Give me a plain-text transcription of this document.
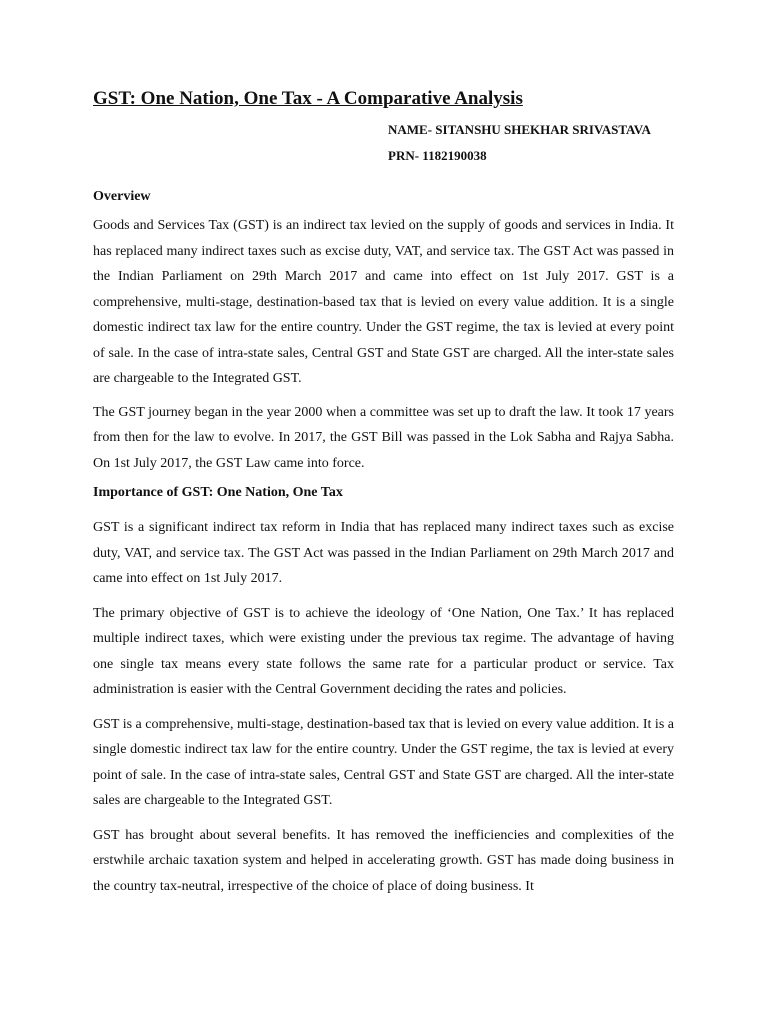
GST: One Nation, One Tax - A Comparative Analysis
NAME- SITANSHU SHEKHAR SRIVASTAVA
PRN- 1182190038
Overview

Goods and Services Tax (GST) is an indirect tax levied on the supply of goods and services in India. It has replaced many indirect taxes such as excise duty, VAT, and service tax. The GST Act was passed in the Indian Parliament on 29th March 2017 and came into effect on 1st July 2017. GST is a comprehensive, multi-stage, destination-based tax that is levied on every value addition. It is a single domestic indirect tax law for the entire country. Under the GST regime, the tax is levied at every point of sale. In the case of intra-state sales, Central GST and State GST are charged. All the inter-state sales are chargeable to the Integrated GST.

The GST journey began in the year 2000 when a committee was set up to draft the law. It took 17 years from then for the law to evolve. In 2017, the GST Bill was passed in the Lok Sabha and Rajya Sabha. On 1st July 2017, the GST Law came into force.

Importance of GST: One Nation, One Tax

GST is a significant indirect tax reform in India that has replaced many indirect taxes such as excise duty, VAT, and service tax. The GST Act was passed in the Indian Parliament on 29th March 2017 and came into effect on 1st July 2017.

The primary objective of GST is to achieve the ideology of ‘One Nation, One Tax.’ It has replaced multiple indirect taxes, which were existing under the previous tax regime. The advantage of having one single tax means every state follows the same rate for a particular product or service. Tax administration is easier with the Central Government deciding the rates and policies.

GST is a comprehensive, multi-stage, destination-based tax that is levied on every value addition. It is a single domestic indirect tax law for the entire country. Under the GST regime, the tax is levied at every point of sale. In the case of intra-state sales, Central GST and State GST are charged. All the inter-state sales are chargeable to the Integrated GST.

GST has brought about several benefits. It has removed the inefficiencies and complexities of the erstwhile archaic taxation system and helped in accelerating growth. GST has made doing business in the country tax-neutral, irrespective of the choice of place of doing business. It
